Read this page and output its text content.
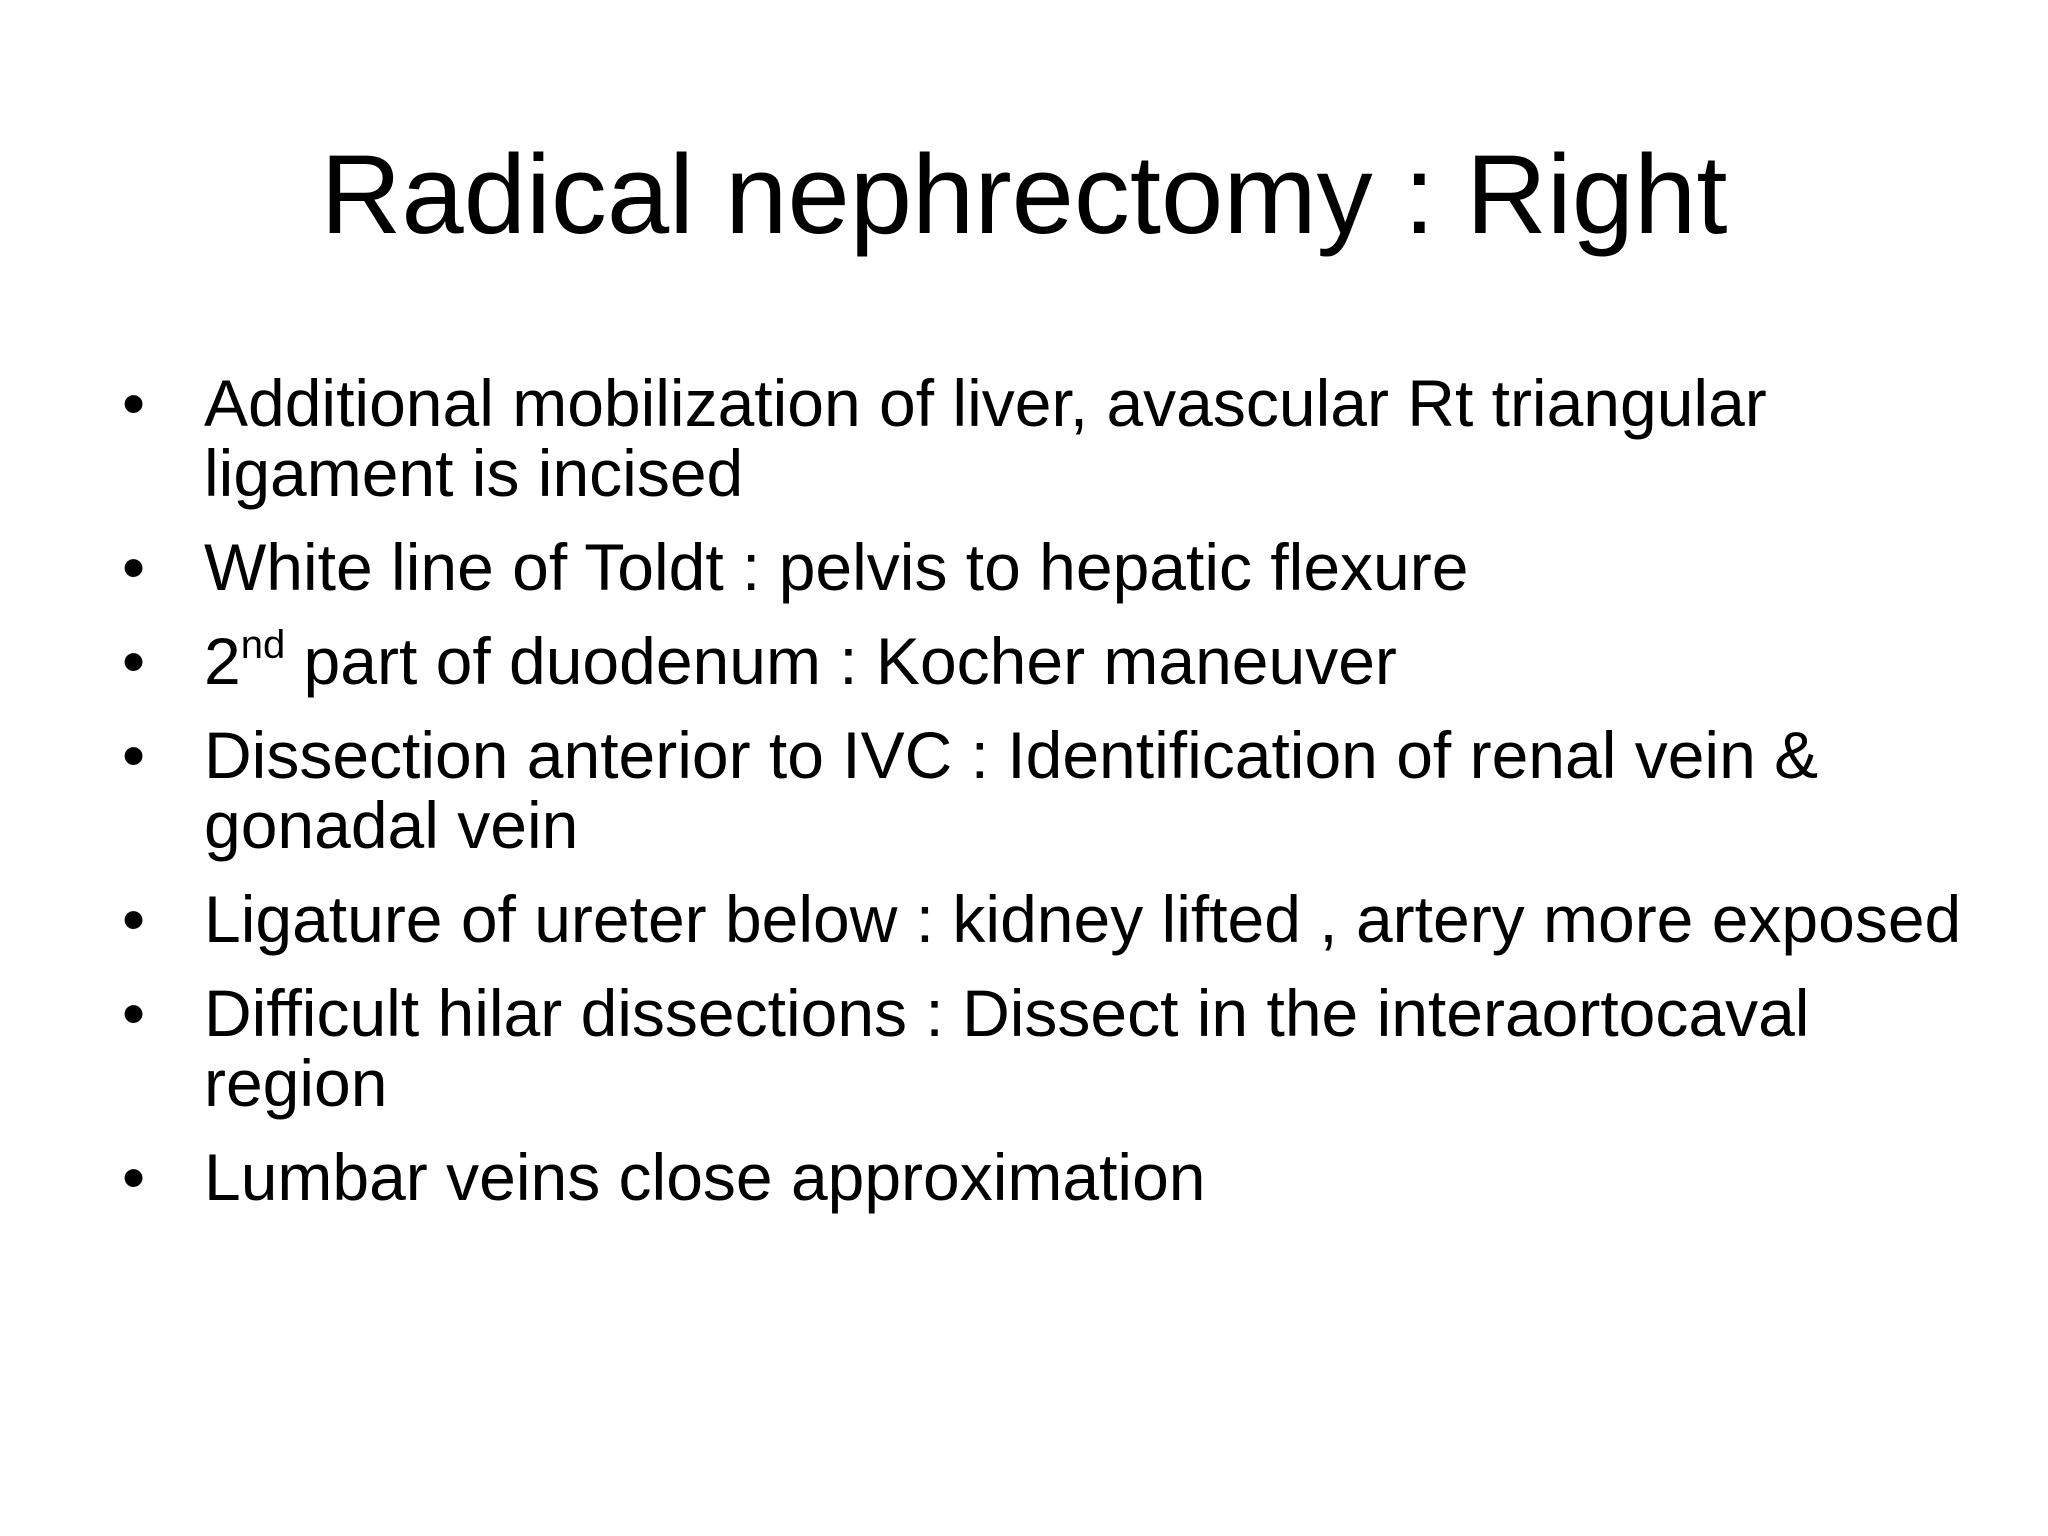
Radical nephrectomy : Right
• Additional mobilization of liver, avascular Rt triangular ligament is incised
• White line of Toldt : pelvis to hepatic flexure
• 2nd part of duodenum : Kocher maneuver
• Dissection anterior to IVC : Identification of renal vein & gonadal vein
• Ligature of ureter below : kidney lifted , artery more exposed
• Difficult hilar dissections : Dissect in the interaortocaval region
• Lumbar veins close approximation
